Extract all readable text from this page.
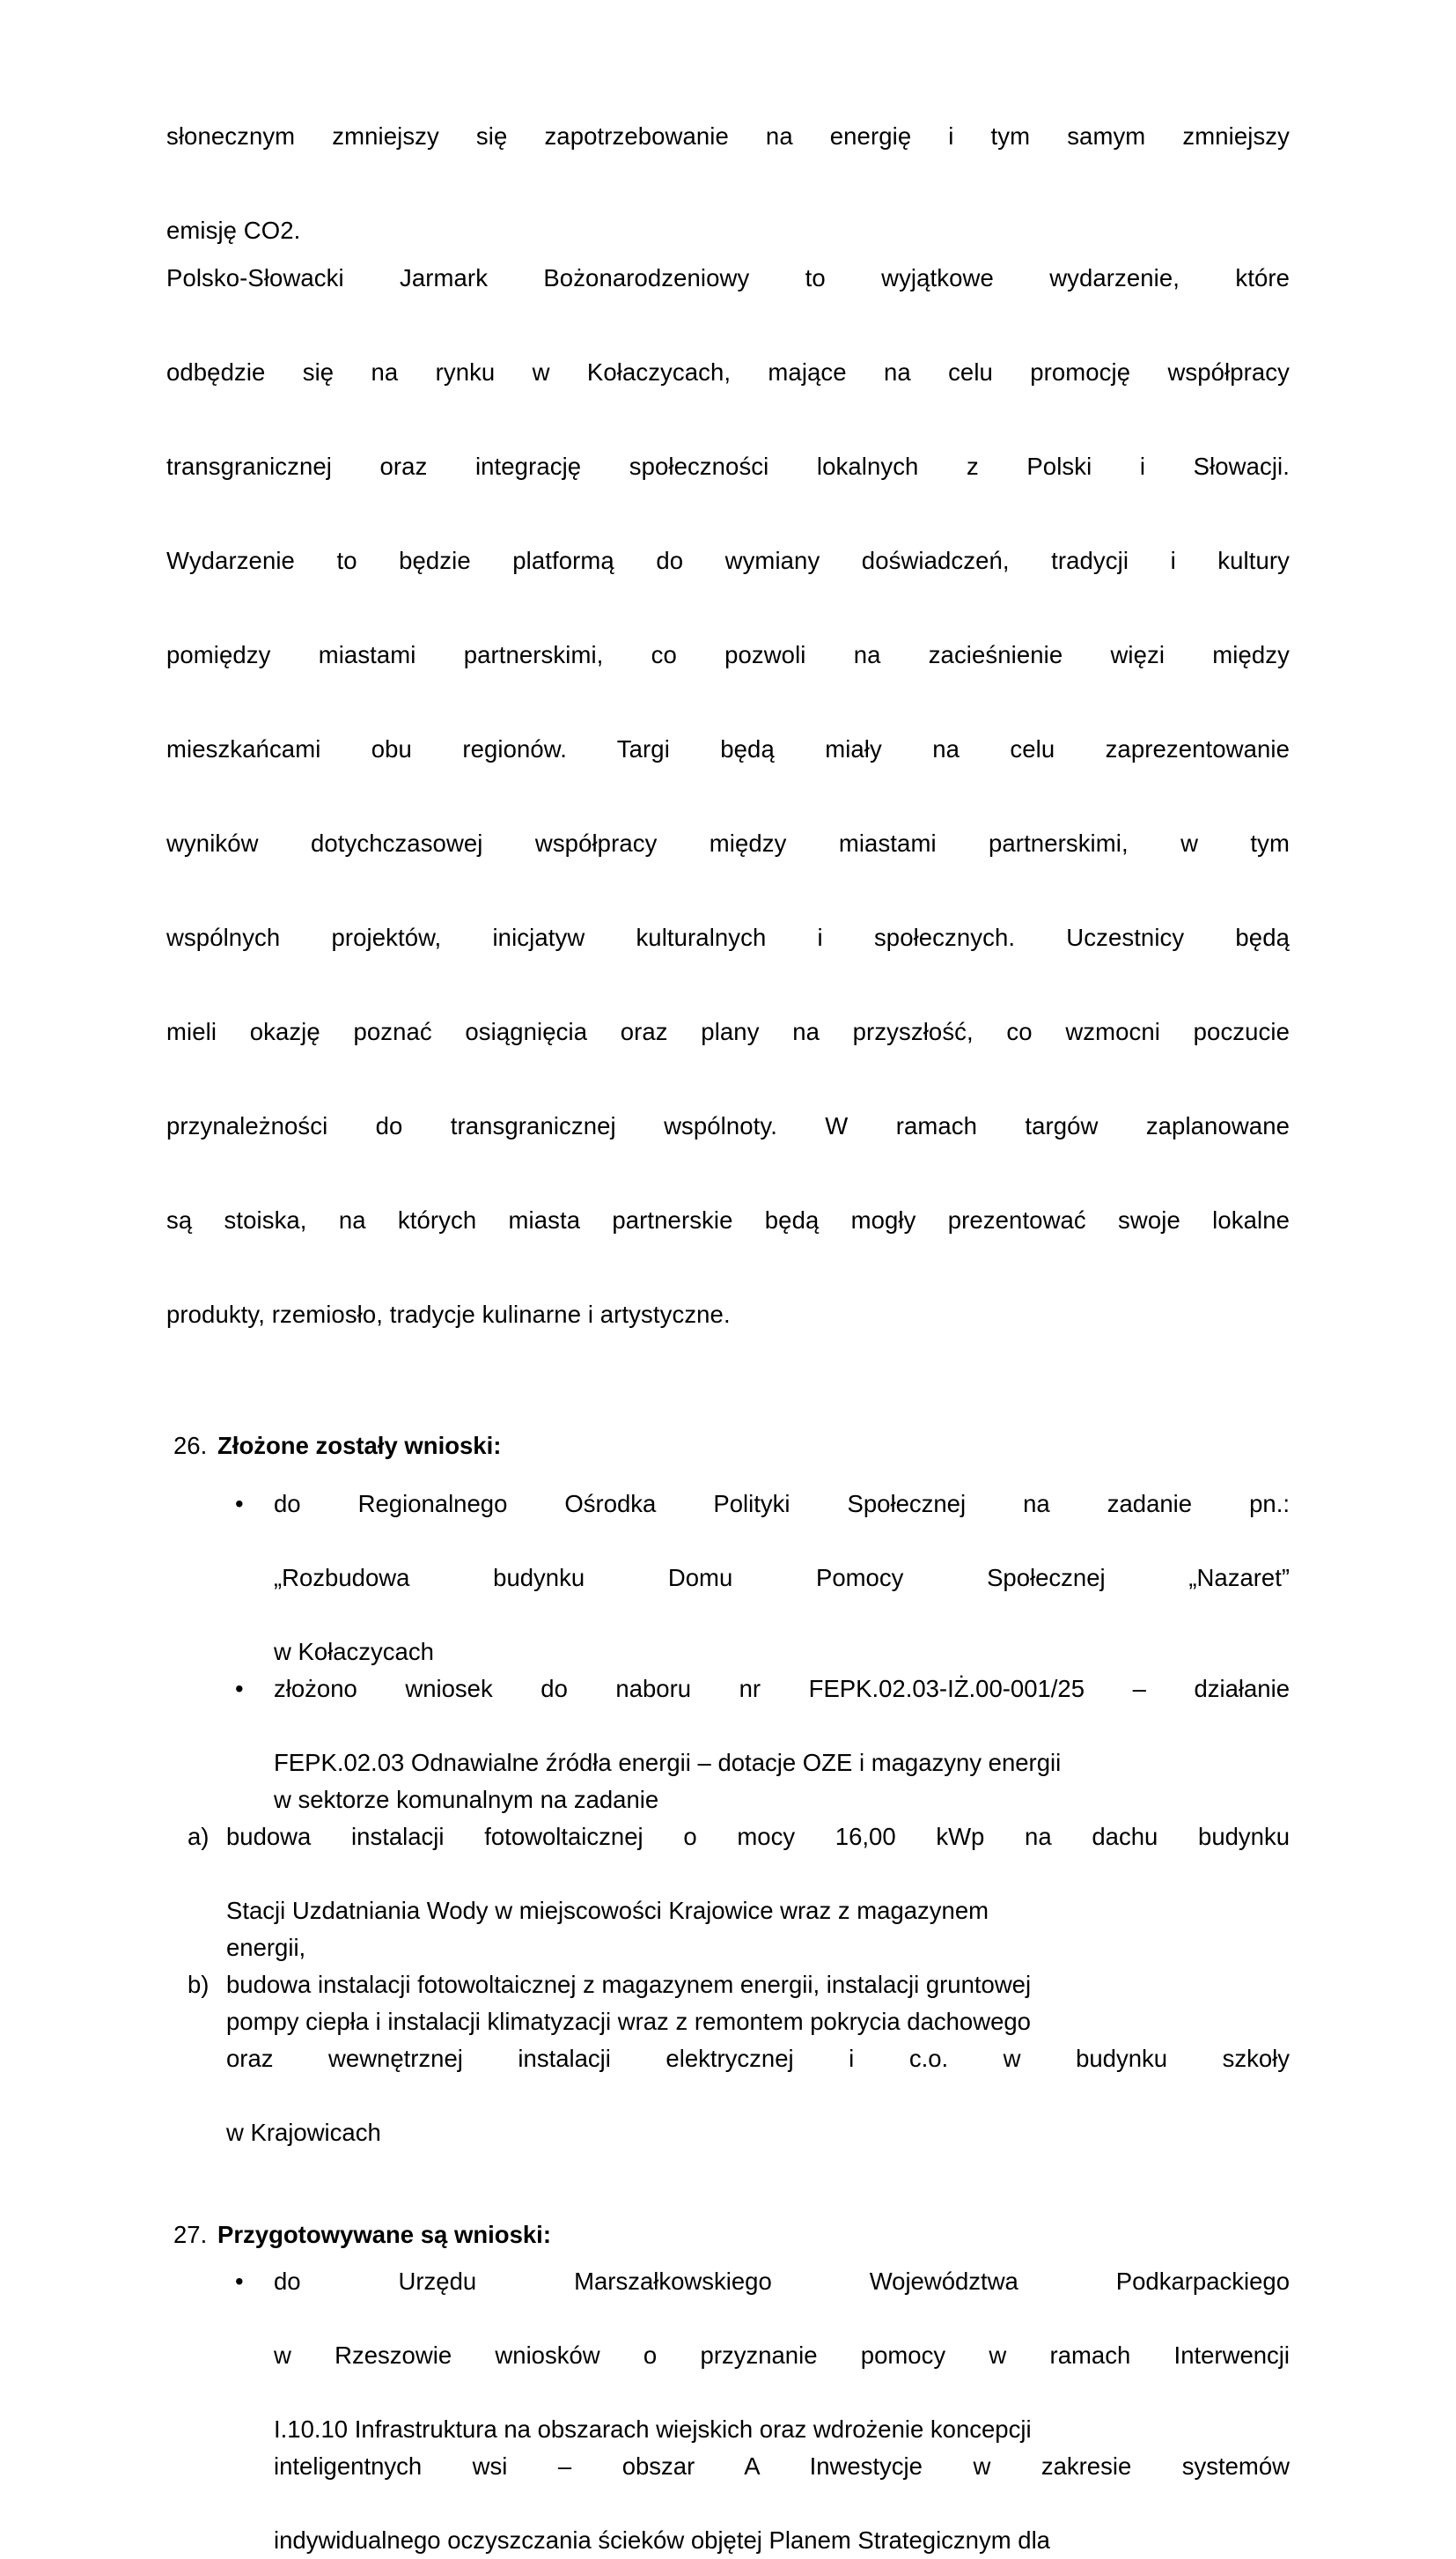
słonecznym zmniejszy się zapotrzebowanie na energię i tym samym zmniejszy
emisję CO2.

Polsko-Słowacki Jarmark Bożonarodzeniowy to wyjątkowe wydarzenie, które
odbędzie się na rynku w Kołaczycach, mające na celu promocję współpracy
transgranicznej oraz integrację społeczności lokalnych z Polski i Słowacji.
Wydarzenie to będzie platformą do wymiany doświadczeń, tradycji i kultury
pomiędzy miastami partnerskimi, co pozwoli na zacieśnienie więzi między
mieszkańcami obu regionów. Targi będą miały na celu zaprezentowanie
wyników dotychczasowej współpracy między miastami partnerskimi, w tym
wspólnych projektów, inicjatyw kulturalnych i społecznych. Uczestnicy będą
mieli okazję poznać osiągnięcia oraz plany na przyszłość, co wzmocni poczucie
przynależności do transgranicznej wspólnoty. W ramach targów zaplanowane
są stoiska, na których miasta partnerskie będą mogły prezentować swoje lokalne
produkty, rzemiosło, tradycje kulinarne i artystyczne.

26. Złożone zostały wnioski:
• do Regionalnego Ośrodka Polityki Społecznej na zadanie pn.:
„Rozbudowa budynku Domu Pomocy Społecznej „Nazaret”
w Kołaczycach
• złożono wniosek do naboru nr FEPK.02.03-IŻ.00-001/25 – działanie
FEPK.02.03 Odnawialne źródła energii – dotacje OZE i magazyny energii
w sektorze komunalnym na zadanie
a) budowa instalacji fotowoltaicznej o mocy 16,00 kWp na dachu budynku
Stacji Uzdatniania Wody w miejscowości Krajowice wraz z magazynem
energii,
b) budowa instalacji fotowoltaicznej z magazynem energii, instalacji gruntowej
pompy ciepła i instalacji klimatyzacji wraz z remontem pokrycia dachowego
oraz wewnętrznej instalacji elektrycznej i c.o. w budynku szkoły
w Krajowicach
27. Przygotowywane są wnioski:
• do Urzędu Marszałkowskiego Województwa Podkarpackiego
w Rzeszowie wniosków o przyznanie pomocy w ramach Interwencji
I.10.10 Infrastruktura na obszarach wiejskich oraz wdrożenie koncepcji
inteligentnych wsi – obszar A Inwestycje w zakresie systemów
indywidualnego oczyszczania ścieków objętej Planem Strategicznym dla
